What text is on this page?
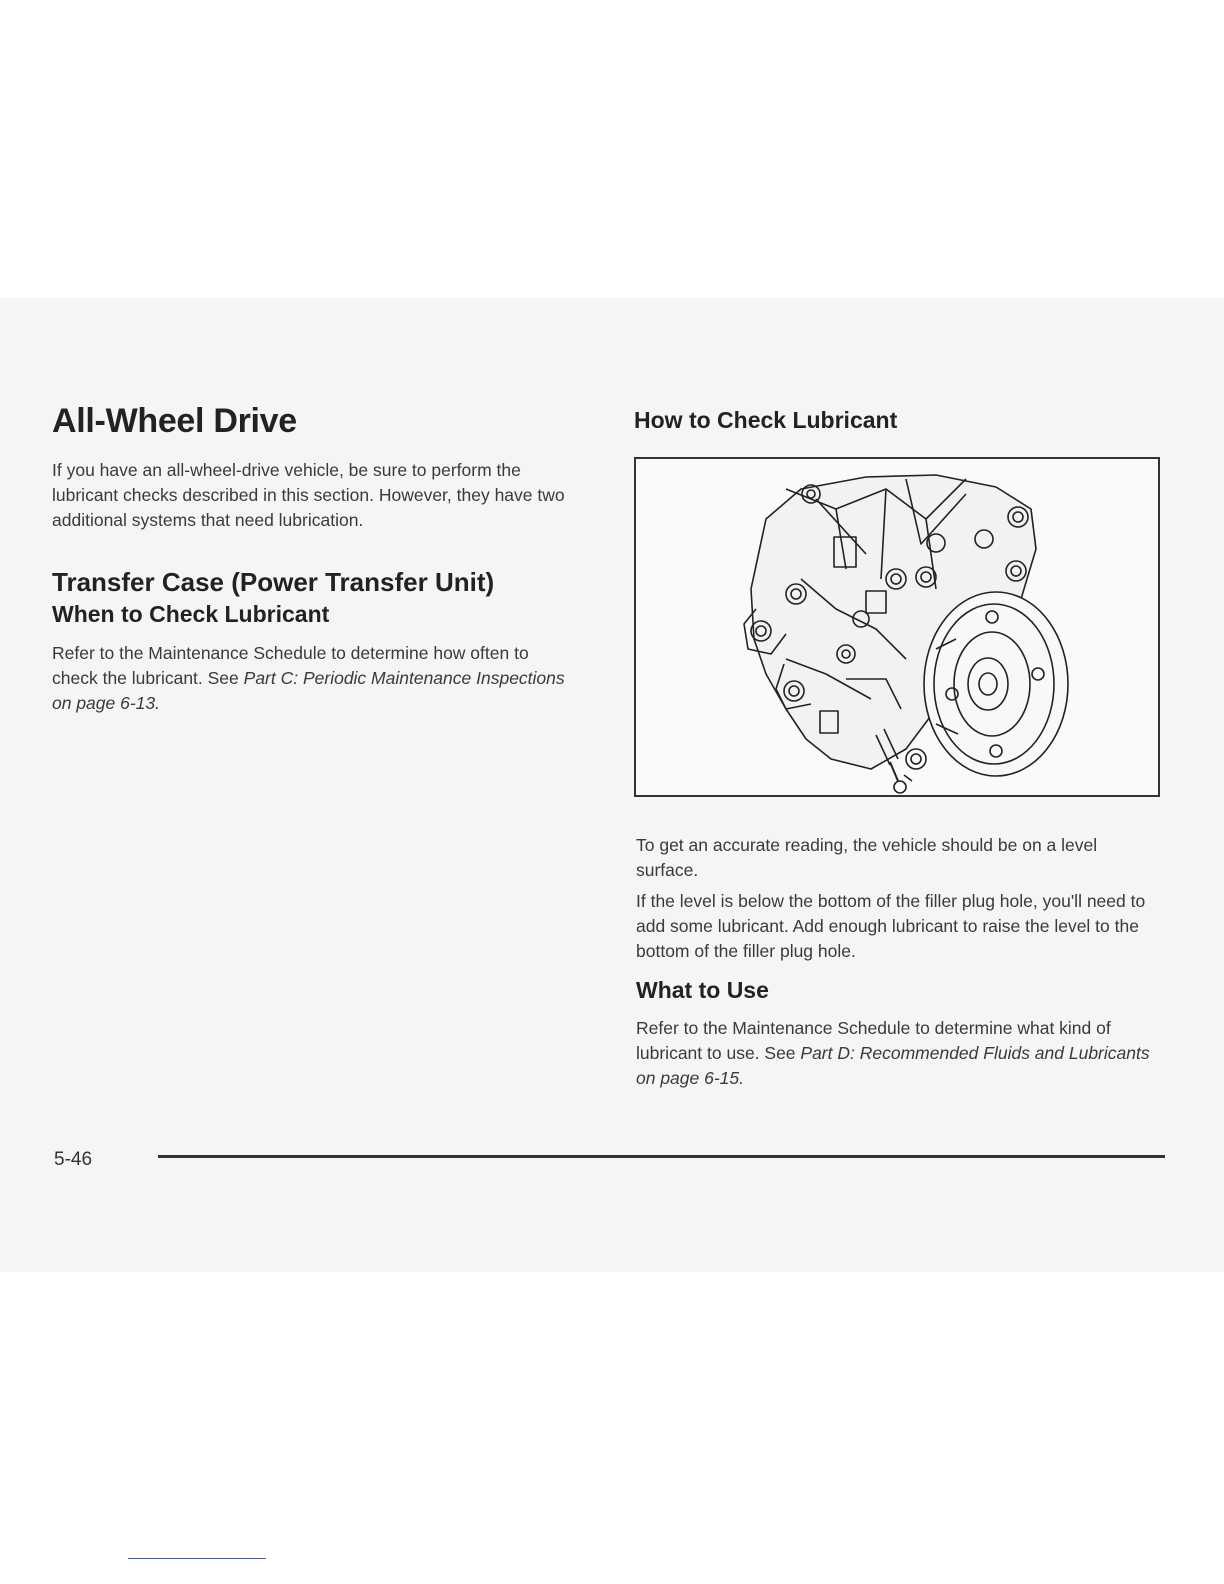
All-Wheel Drive

If you have an all-wheel-drive vehicle, be sure to perform the lubricant checks described in this section. However, they have two additional systems that need lubrication.

Transfer Case (Power Transfer Unit)
When to Check Lubricant

Refer to the Maintenance Schedule to determine how often to check the lubricant. See Part C: Periodic Maintenance Inspections on page 6-13.

How to Check Lubricant

To get an accurate reading, the vehicle should be on a level surface.

If the level is below the bottom of the filler plug hole, you'll need to add some lubricant. Add enough lubricant to raise the level to the bottom of the filler plug hole.

What to Use

Refer to the Maintenance Schedule to determine what kind of lubricant to use. See Part D: Recommended Fluids and Lubricants on page 6-15.

5-46
